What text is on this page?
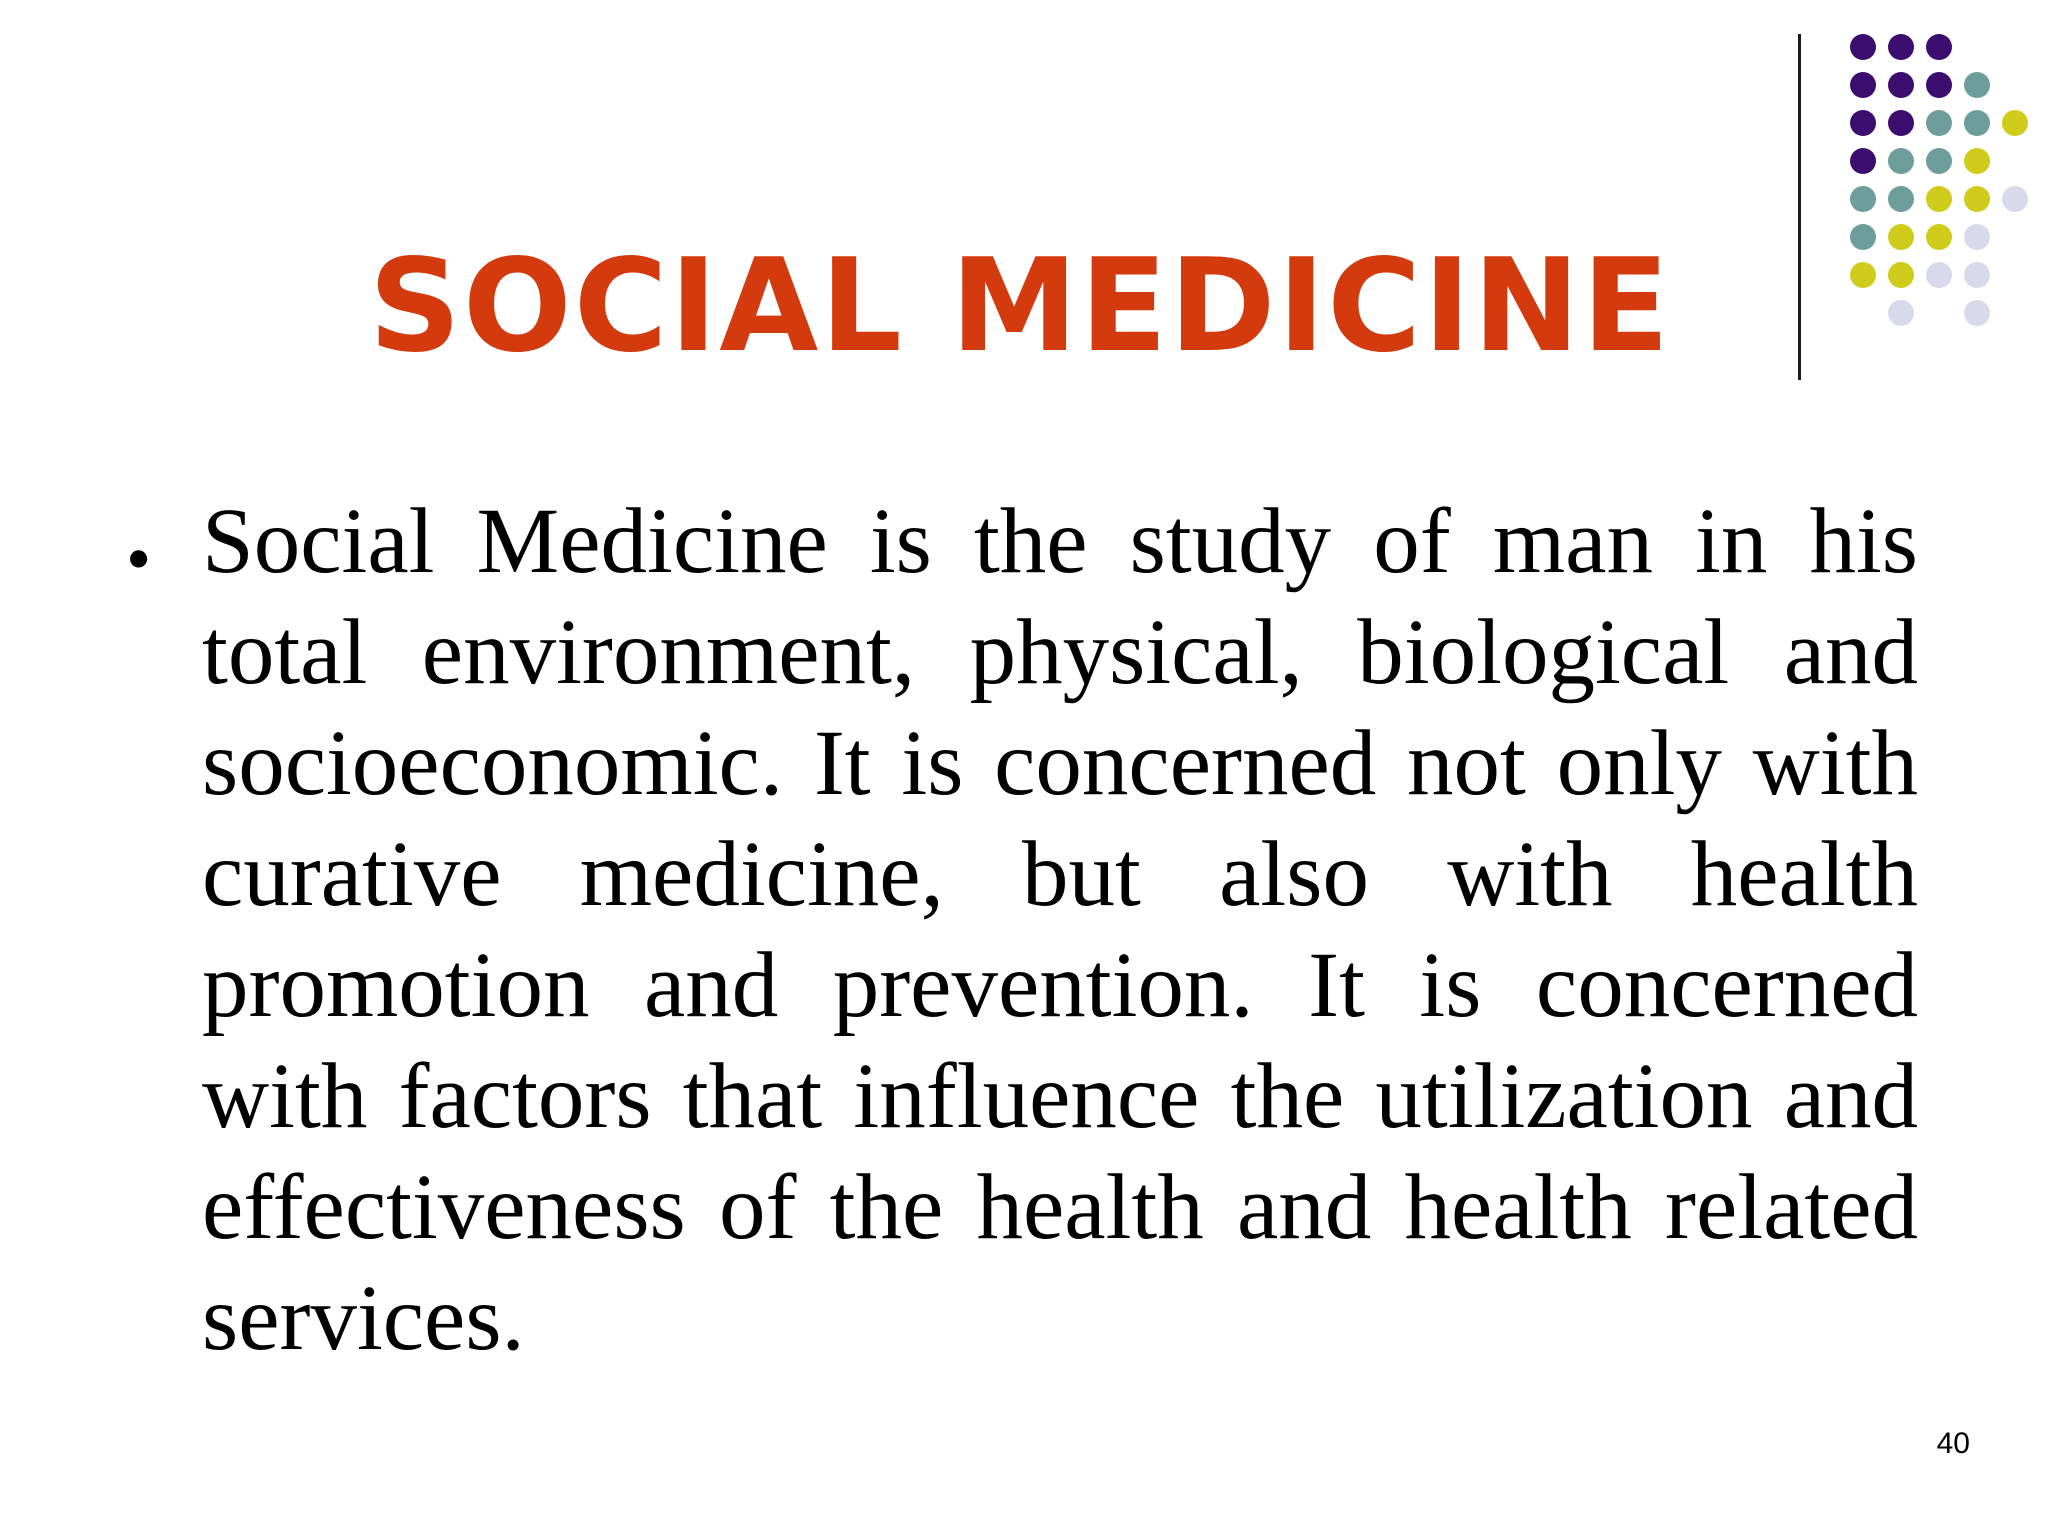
SOCIAL MEDICINE
• Social Medicine is the study of man in his total environment, physical, biological and socioeconomic. It is concerned not only with curative medicine, but also with health promotion and prevention. It is concerned with factors that influence the utilization and effectiveness of the health and health related services.

40
